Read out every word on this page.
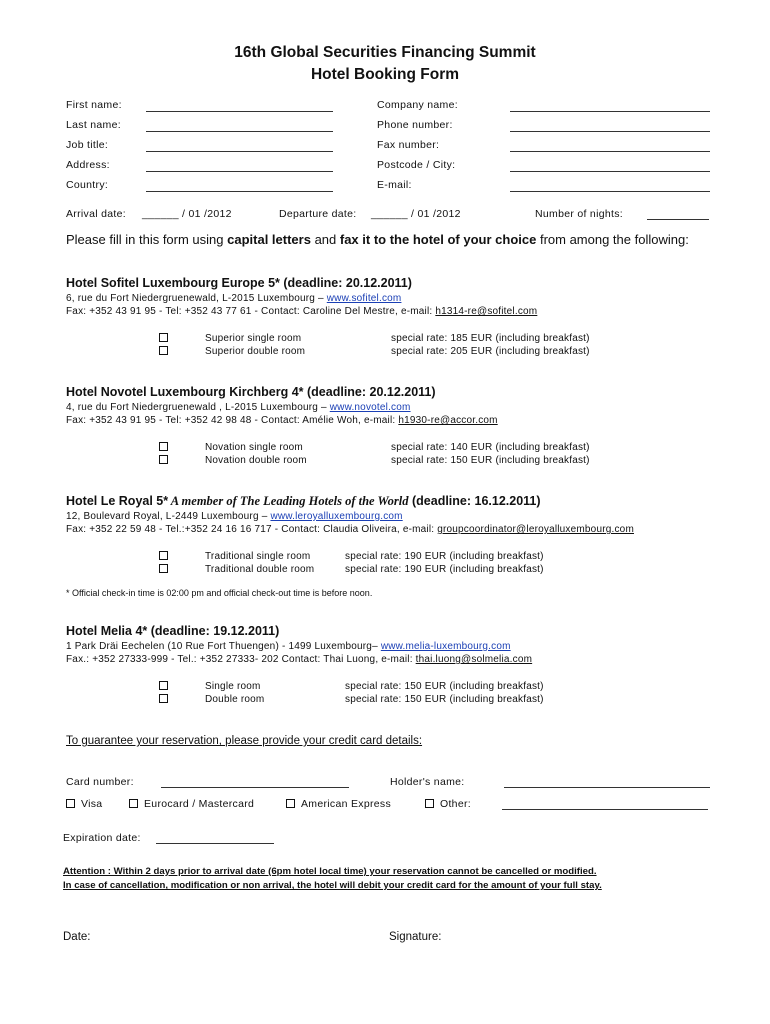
16th Global Securities Financing Summit
Hotel Booking Form
First name:
Last name:
Job title:
Address:
Country:
Company name:
Phone number:
Fax number:
Postcode / City:
E-mail:
Arrival date: ______ / 01 /2012	Departure date: ______ / 01 /2012	Number of nights:
Please fill in this form using capital letters and fax it to the hotel of your choice from among the following:
Hotel Sofitel Luxembourg Europe 5* (deadline: 20.12.2011)
6, rue du Fort Niedergruenewald, L-2015 Luxembourg – www.sofitel.com
Fax: +352 43 91 95 - Tel: +352 43 77 61 - Contact: Caroline Del Mestre, e-mail: h1314-re@sofitel.com
Superior single room	special rate: 185 EUR (including breakfast)
Superior double room	special rate: 205 EUR (including breakfast)
Hotel Novotel Luxembourg Kirchberg 4* (deadline: 20.12.2011)
4, rue du Fort Niedergruenewald , L-2015 Luxembourg – www.novotel.com
Fax: +352 43 91 95 - Tel: +352 42 98 48 - Contact: Amélie Woh, e-mail: h1930-re@accor.com
Novation single room	special rate: 140 EUR (including breakfast)
Novation double room	special rate: 150 EUR (including breakfast)
Hotel Le Royal 5* A member of The Leading Hotels of the World (deadline: 16.12.2011)
12, Boulevard Royal, L-2449 Luxembourg – www.leroyalluxembourg.com
Fax: +352 22 59 48 - Tel.:+352 24 16 16 717 - Contact: Claudia Oliveira, e-mail: groupcoordinator@leroyalluxembourg.com
Traditional single room	special rate: 190 EUR (including breakfast)
Traditional double room	special rate: 190 EUR (including breakfast)
* Official check-in time is 02:00 pm and official check-out time is before noon.
Hotel Melia 4* (deadline: 19.12.2011)
1 Park Dräi Eechelen (10 Rue Fort Thuengen) - 1499 Luxembourg– www.melia-luxembourg.com
Fax.: +352 27333-999 - Tel.: +352 27333- 202 Contact: Thai Luong, e-mail: thai.luong@solmelia.com
Single room	special rate: 150 EUR (including breakfast)
Double room	special rate: 150 EUR (including breakfast)
To guarantee your reservation, please provide your credit card details:
Card number:	Holder's name:
Visa	Eurocard / Mastercard	American Express	Other:
Expiration date:
Attention : Within 2 days prior to arrival date (6pm hotel local time) your reservation cannot be cancelled or modified.
In case of cancellation, modification or non arrival, the hotel will debit your credit card for the amount of your full stay.
Date:	Signature:
